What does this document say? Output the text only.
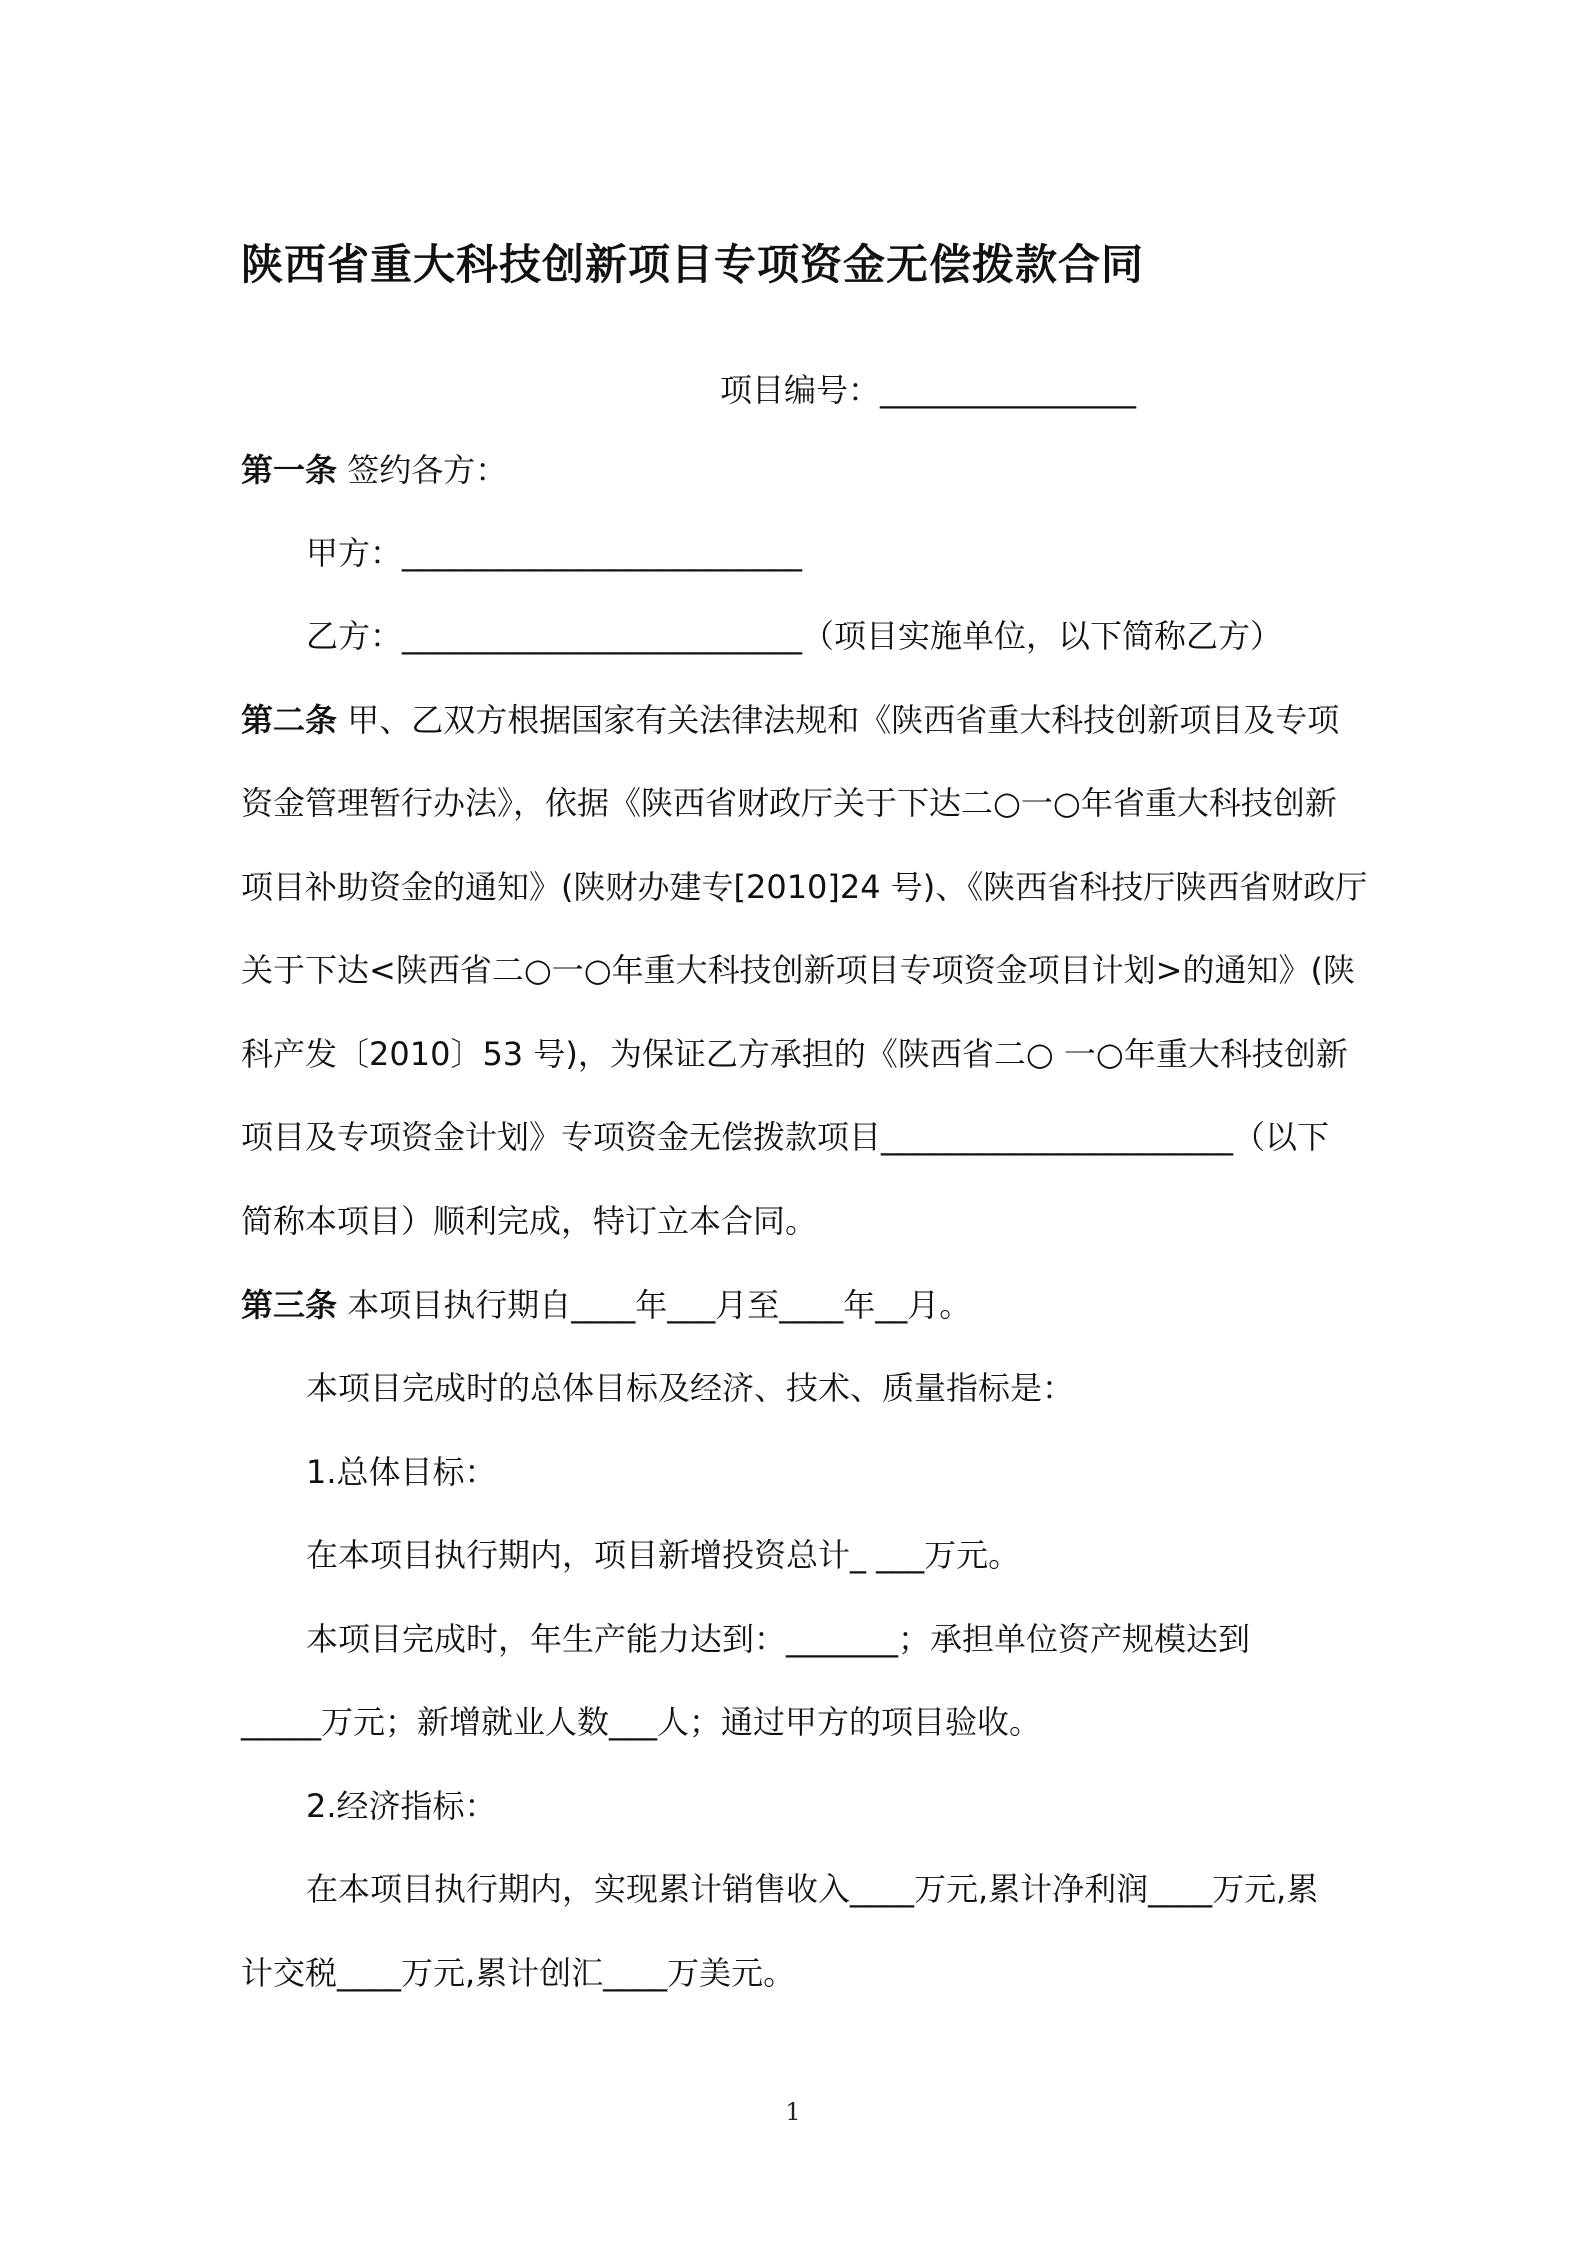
陕西省重大科技创新项目专项资金无偿拨款合同
项目编号：________________
第一条 签约各方：
甲方：_________________________
乙方：_________________________（项目实施单位，以下简称乙方）
第二条 甲、乙双方根据国家有关法律法规和《陕西省重大科技创新项目及专项
资金管理暂行办法》，依据《陕西省财政厅关于下达二○一○年省重大科技创新
项目补助资金的通知》(陕财办建专[2010]24 号)、《陕西省科技厅陕西省财政厅
关于下达<陕西省二○一○年重大科技创新项目专项资金项目计划>的通知》(陕
科产发〔2010〕53 号)，为保证乙方承担的《陕西省二○ 一○年重大科技创新
项目及专项资金计划》专项资金无偿拨款项目______________________（以下
简称本项目）顺利完成，特订立本合同。
第三条 本项目执行期自____年___月至____年__月。
本项目完成时的总体目标及经济、技术、质量指标是：
1.总体目标：
在本项目执行期内，项目新增投资总计_ ___万元。
本项目完成时，年生产能力达到：_______；承担单位资产规模达到
_____万元；新增就业人数___人；通过甲方的项目验收。
2.经济指标：
在本项目执行期内，实现累计销售收入____万元,累计净利润____万元,累
计交税____万元,累计创汇____万美元。
1
